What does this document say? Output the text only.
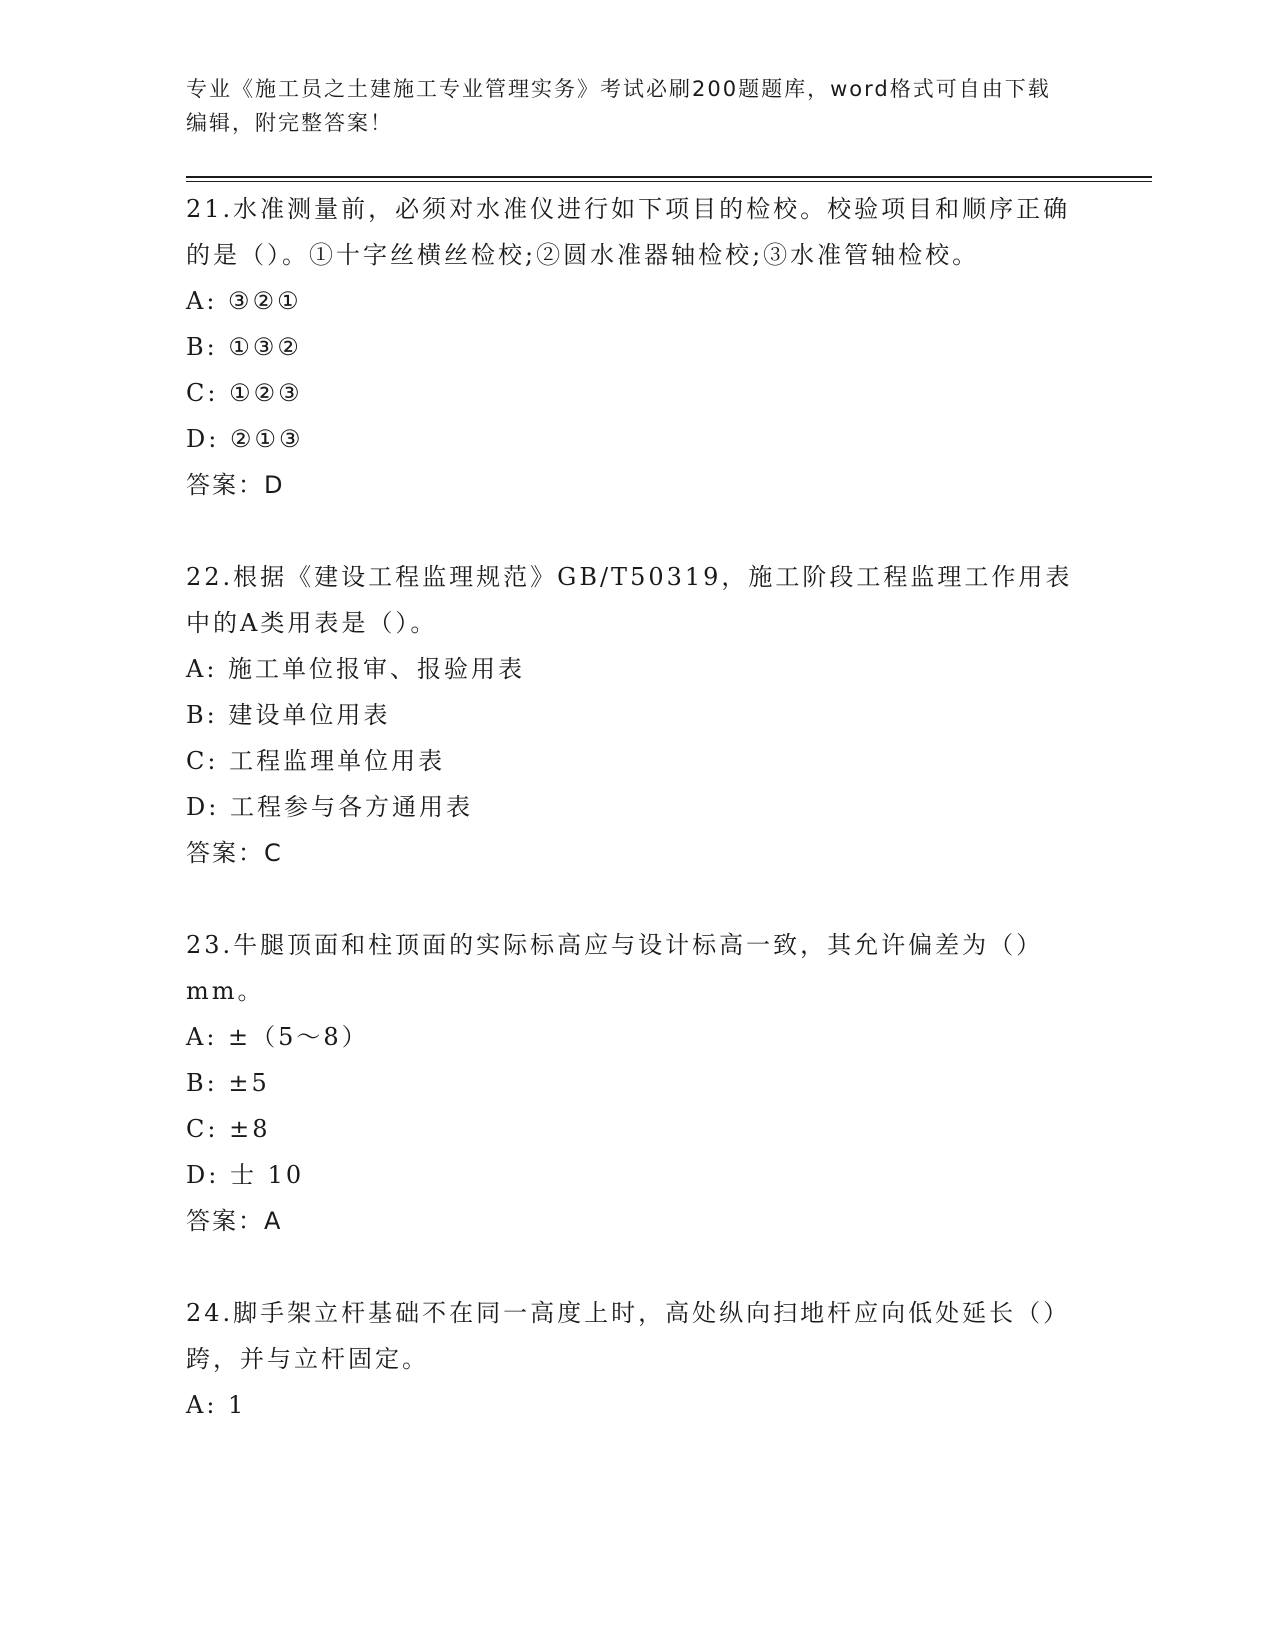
专业《施工员之土建施工专业管理实务》考试必刷200题题库，word格式可自由下载编辑，附完整答案！

21.水准测量前，必须对水准仪进行如下项目的检校。校验项目和顺序正确的是（）。①十字丝横丝检校;②圆水准器轴检校;③水准管轴检校。

A: ③②①

B: ①③②

C: ①②③

D: ②①③

答案：D

22.根据《建设工程监理规范》GB/T50319，施工阶段工程监理工作用表中的A类用表是（）。

A: 施工单位报审、报验用表

B: 建设单位用表

C: 工程监理单位用表

D: 工程参与各方通用表

答案：C

23.牛腿顶面和柱顶面的实际标高应与设计标高一致，其允许偏差为（）mm。

A: ±（5～8）

B: ±5

C: ±8

D: 士 10

答案：A

24.脚手架立杆基础不在同一高度上时，高处纵向扫地杆应向低处延长（）跨，并与立杆固定。

A: 1
